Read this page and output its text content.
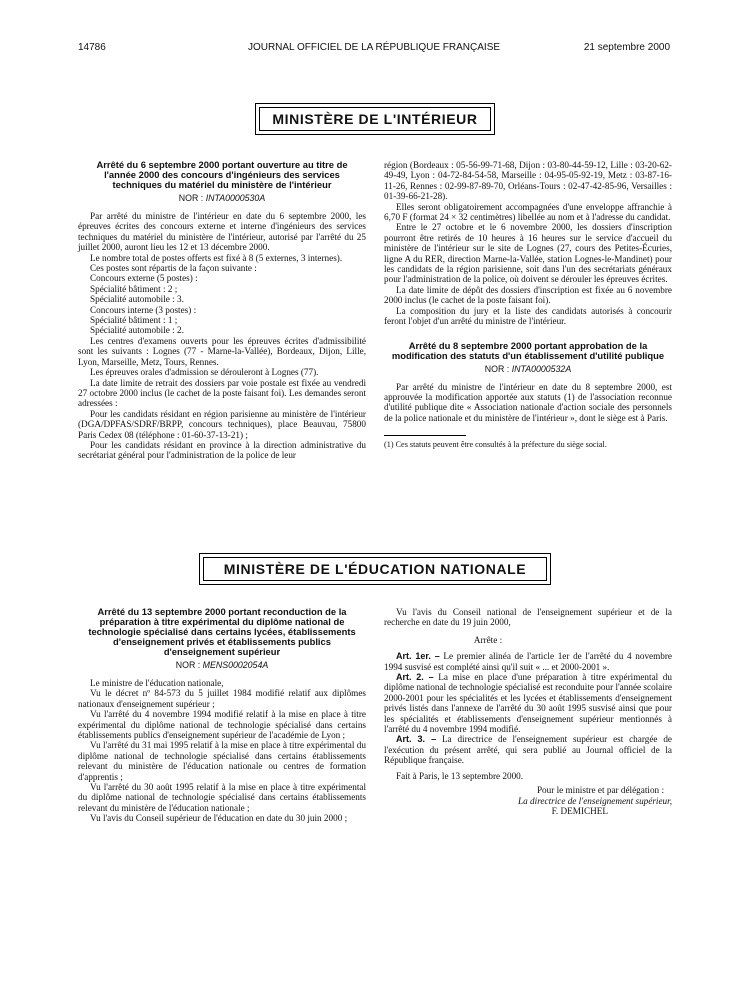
14786	JOURNAL OFFICIEL DE LA RÉPUBLIQUE FRANÇAISE	21 septembre 2000
MINISTÈRE DE L'INTÉRIEUR
Arrêté du 6 septembre 2000 portant ouverture au titre de l'année 2000 des concours d'ingénieurs des services techniques du matériel du ministère de l'intérieur
NOR : INTA0000530A

Par arrêté du ministre de l'intérieur en date du 6 septembre 2000, les épreuves écrites des concours externe et interne d'ingénieurs des services techniques du matériel du ministère de l'intérieur, autorisé par l'arrêté du 25 juillet 2000, auront lieu les 12 et 13 décembre 2000.

Le nombre total de postes offerts est fixé à 8 (5 externes, 3 internes).

Ces postes sont répartis de la façon suivante :

Concours externe (5 postes) :

Spécialité bâtiment : 2 ;

Spécialité automobile : 3.

Concours interne (3 postes) :

Spécialité bâtiment : 1 ;

Spécialité automobile : 2.

Les centres d'examens ouverts pour les épreuves écrites d'admissibilité sont les suivants : Lognes (77 - Marne-la-Vallée), Bordeaux, Dijon, Lille, Lyon, Marseille, Metz, Tours, Rennes.

Les épreuves orales d'admission se dérouleront à Lognes (77).

La date limite de retrait des dossiers par voie postale est fixée au vendredi 27 octobre 2000 inclus (le cachet de la poste faisant foi). Les demandes seront adressées :

Pour les candidats résidant en région parisienne au ministère de l'intérieur (DGA/DPFAS/SDRF/BRPP, concours techniques), place Beauvau, 75800 Paris Cedex 08 (téléphone : 01-60-37-13-21) ;

Pour les candidats résidant en province à la direction administrative du secrétariat général pour l'administration de la police de leur

région (Bordeaux : 05-56-99-71-68, Dijon : 03-80-44-59-12, Lille : 03-20-62-49-49, Lyon : 04-72-84-54-58, Marseille : 04-95-05-92-19, Metz : 03-87-16-11-26, Rennes : 02-99-87-89-70, Orléans-Tours : 02-47-42-85-96, Versailles : 01-39-66-21-28).

Elles seront obligatoirement accompagnées d'une enveloppe affranchie à 6,70 F (format 24 × 32 centimètres) libellée au nom et à l'adresse du candidat.

Entre le 27 octobre et le 6 novembre 2000, les dossiers d'inscription pourront être retirés de 10 heures à 16 heures sur le service d'accueil du ministère de l'intérieur sur le site de Lognes (27, cours des Petites-Écuries, ligne A du RER, direction Marne-la-Vallée, station Lognes-le-Mandinet) pour les candidats de la région parisienne, soit dans l'un des secrétariats généraux pour l'administration de la police, où doivent se dérouler les épreuves écrites.

La date limite de dépôt des dossiers d'inscription est fixée au 6 novembre 2000 inclus (le cachet de la poste faisant foi).

La composition du jury et la liste des candidats autorisés à concourir feront l'objet d'un arrêté du ministre de l'intérieur.

Arrêté du 8 septembre 2000 portant approbation de la modification des statuts d'un établissement d'utilité publique
NOR : INTA0000532A

Par arrêté du ministre de l'intérieur en date du 8 septembre 2000, est approuvée la modification apportée aux statuts (1) de l'association reconnue d'utilité publique dite « Association nationale d'action sociale des personnels de la police nationale et du ministère de l'intérieur », dont le siège est à Paris.

(1) Ces statuts peuvent être consultés à la préfecture du siège social.

MINISTÈRE DE L'ÉDUCATION NATIONALE
Arrêté du 13 septembre 2000 portant reconduction de la préparation à titre expérimental du diplôme national de technologie spécialisé dans certains lycées, établissements d'enseignement privés et établissements publics d'enseignement supérieur
NOR : MENS0002054A

Le ministre de l'éducation nationale,

Vu le décret nº 84-573 du 5 juillet 1984 modifié relatif aux diplômes nationaux d'enseignement supérieur ;

Vu l'arrêté du 4 novembre 1994 modifié relatif à la mise en place à titre expérimental du diplôme national de technologie spécialisé dans certains établissements publics d'enseignement supérieur de l'académie de Lyon ;

Vu l'arrêté du 31 mai 1995 relatif à la mise en place à titre expérimental du diplôme national de technologie spécialisé dans certains établissements relevant du ministère de l'éducation nationale ou centres de formation d'apprentis ;

Vu l'arrêté du 30 août 1995 relatif à la mise en place à titre expérimental du diplôme national de technologie spécialisé dans certains établissements relevant du ministère de l'éducation nationale ;

Vu l'avis du Conseil supérieur de l'éducation en date du 30 juin 2000 ;

Vu l'avis du Conseil national de l'enseignement supérieur et de la recherche en date du 19 juin 2000,

Arrête :

Art. 1er. – Le premier alinéa de l'article 1er de l'arrêté du 4 novembre 1994 susvisé est complété ainsi qu'il suit « ... et 2000-2001 ».

Art. 2. – La mise en place d'une préparation à titre expérimental du diplôme national de technologie spécialisé est reconduite pour l'année scolaire 2000-2001 pour les spécialités et les lycées et établissements d'enseignement privés listés dans l'annexe de l'arrêté du 30 août 1995 susvisé ainsi que pour les spécialités et établissements d'enseignement supérieur mentionnés à l'arrêté du 4 novembre 1994 modifié.

Art. 3. – La directrice de l'enseignement supérieur est chargée de l'exécution du présent arrêté, qui sera publié au Journal officiel de la République française.

Fait à Paris, le 13 septembre 2000.

Pour le ministre et par délégation :

La directrice de l'enseignement supérieur,

F. DEMICHEL
